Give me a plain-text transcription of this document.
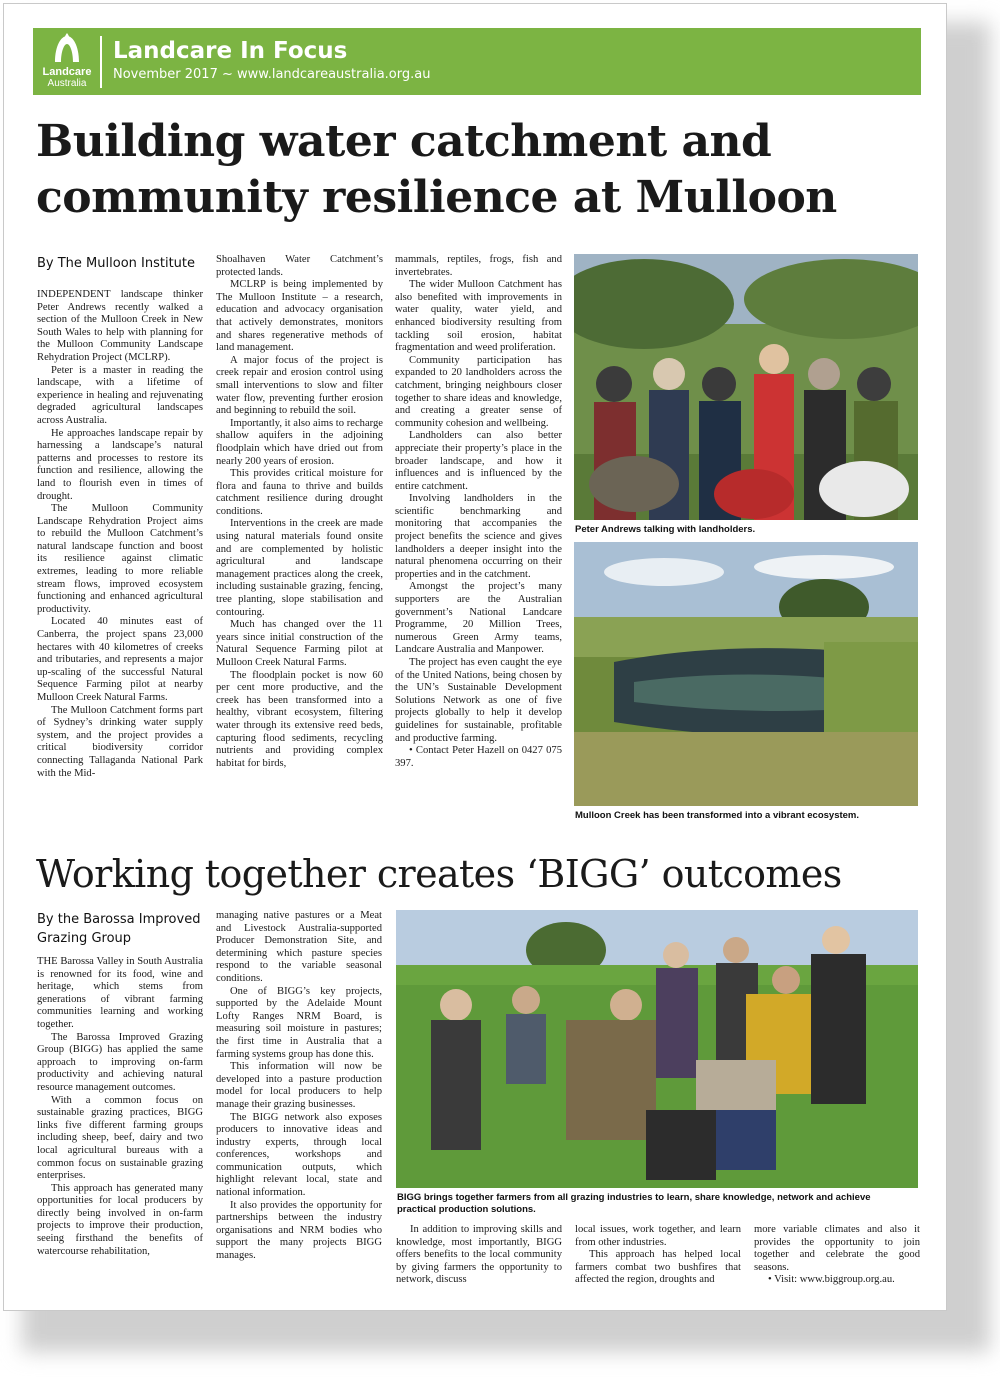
Landcare
Australia
Landcare In Focus
November 2017 ~ www.landcareaustralia.org.au
Building water catchment and community resilience at Mulloon
By The Mulloon Institute

INDEPENDENT landscape thinker Peter Andrews recently walked a section of the Mulloon Creek in New South Wales to help with planning for the Mulloon Community Landscape Rehydration Project (MCLRP).

Peter is a master in reading the landscape, with a lifetime of experience in healing and rejuvenating degraded agricultural landscapes across Australia.

He approaches landscape repair by harnessing a landscape’s natural patterns and processes to restore its function and resilience, allowing the land to flourish even in times of drought.

The Mulloon Community Landscape Rehydration Project aims to rebuild the Mulloon Catchment’s natural landscape function and boost its resilience against climatic extremes, leading to more reliable stream flows, improved ecosystem functioning and enhanced agricultural productivity.

Located 40 minutes east of Canberra, the project spans 23,000 hectares with 40 kilometres of creeks and tributaries, and represents a major up-scaling of the successful Natural Sequence Farming pilot at nearby Mulloon Creek Natural Farms.

The Mulloon Catchment forms part of Sydney’s drinking water supply system, and the project provides a critical biodiversity corridor connecting Tallaganda National Park with the Mid-

Shoalhaven Water Catchment’s protected lands.

MCLRP is being implemented by The Mulloon Institute – a research, education and advocacy organisation that actively demonstrates, monitors and shares regenerative methods of land management.

A major focus of the project is creek repair and erosion control using small interventions to slow and filter water flow, preventing further erosion and beginning to rebuild the soil.

Importantly, it also aims to recharge shallow aquifers in the adjoining floodplain which have dried out from nearly 200 years of erosion.

This provides critical moisture for flora and fauna to thrive and builds catchment resilience during drought conditions.

Interventions in the creek are made using natural materials found onsite and are complemented by holistic agricultural and landscape management practices along the creek, including sustainable grazing, fencing, tree planting, slope stabilisation and contouring.

Much has changed over the 11 years since initial construction of the Natural Sequence Farming pilot at Mulloon Creek Natural Farms.

The floodplain pocket is now 60 per cent more productive, and the creek has been transformed into a healthy, vibrant ecosystem, filtering water through its extensive reed beds, capturing flood sediments, recycling nutrients and providing complex habitat for birds,

mammals, reptiles, frogs, fish and invertebrates.

The wider Mulloon Catchment has also benefited with improvements in water quality, water yield, and enhanced biodiversity resulting from tackling soil erosion, habitat fragmentation and weed proliferation.

Community participation has expanded to 20 landholders across the catchment, bringing neighbours closer together to share ideas and knowledge, and creating a greater sense of community cohesion and wellbeing.

Landholders can also better appreciate their property’s place in the broader landscape, and how it influences and is influenced by the entire catchment.

Involving landholders in the scientific benchmarking and monitoring that accompanies the project benefits the science and gives landholders a deeper insight into the natural phenomena occurring on their properties and in the catchment.

Amongst the project’s many supporters are the Australian government’s National Landcare Programme, 20 Million Trees, numerous Green Army teams, Landcare Australia and Manpower.

The project has even caught the eye of the United Nations, being chosen by the UN’s Sustainable Development Solutions Network as one of five projects globally to help it develop guidelines for sustainable, profitable and productive farming.

• Contact Peter Hazell on 0427 075 397.

Peter Andrews talking with landholders.
Mulloon Creek has been transformed into a vibrant ecosystem.
Working together creates ‘BIGG’ outcomes
By the Barossa Improved
Grazing Group

THE Barossa Valley in South Australia is renowned for its food, wine and heritage, which stems from generations of vibrant farming communities learning and working together.

The Barossa Improved Grazing Group (BIGG) has applied the same approach to improving on-farm productivity and achieving natural resource management outcomes.

With a common focus on sustainable grazing practices, BIGG links five different farming groups including sheep, beef, dairy and two local agricultural bureaus with a common focus on sustainable grazing enterprises.

This approach has generated many opportunities for local producers by directly being involved in on-farm projects to improve their production, seeing firsthand the benefits of watercourse rehabilitation,

managing native pastures or a Meat and Livestock Australia-supported Producer Demonstration Site, and determining which pasture species respond to the variable seasonal conditions.

One of BIGG’s key projects, supported by the Adelaide Mount Lofty Ranges NRM Board, is measuring soil moisture in pastures; the first time in Australia that a farming systems group has done this.

This information will now be developed into a pasture production model for local producers to help manage their grazing businesses.

The BIGG network also exposes producers to innovative ideas and industry experts, through local conferences, workshops and communication outputs, which highlight relevant local, state and national information.

It also provides the opportunity for partnerships between the industry organisations and NRM bodies who support the many projects BIGG manages.

BIGG brings together farmers from all grazing industries to learn, share knowledge, network and achieve practical production solutions.

In addition to improving skills and knowledge, most importantly, BIGG offers benefits to the local community by giving farmers the opportunity to network, discuss

local issues, work together, and learn from other industries.

This approach has helped local farmers combat two bushfires that affected the region, droughts and

more variable climates and also it provides the opportunity to join together and celebrate the good seasons.

• Visit: www.biggroup.org.au.
